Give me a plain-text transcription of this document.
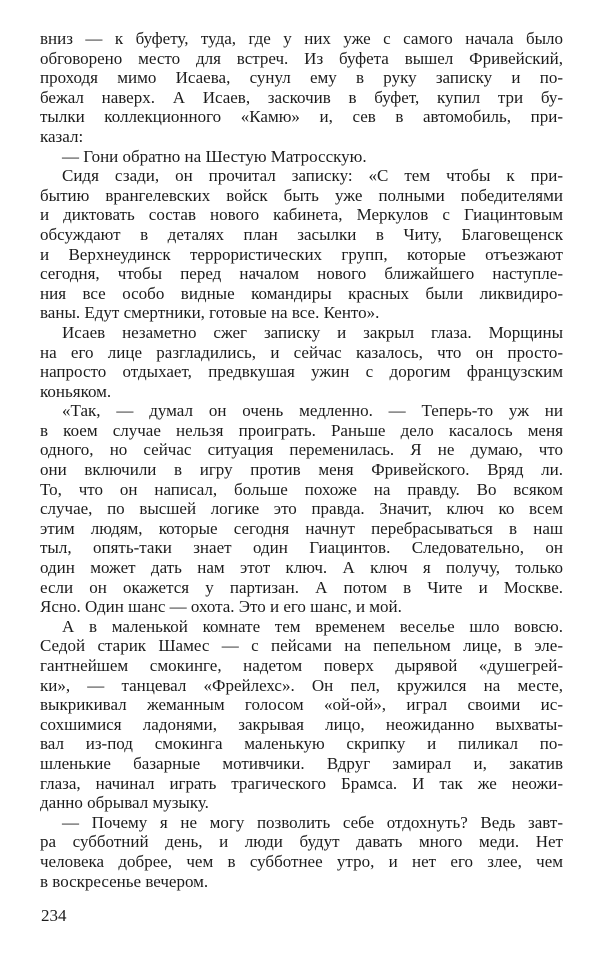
вниз — к буфету, туда, где у них уже с самого начала было
обговорено место для встреч. Из буфета вышел Фривейский,
проходя мимо Исаева, сунул ему в руку записку и по-
бежал наверх. А Исаев, заскочив в буфет, купил три бу-
тылки коллекционного «Камю» и, сев в автомобиль, при-
казал:
— Гони обратно на Шестую Матросскую.
Сидя сзади, он прочитал записку: «С тем чтобы к при-
бытию врангелевских войск быть уже полными победителями
и диктовать состав нового кабинета, Меркулов с Гиацинтовым
обсуждают в деталях план засылки в Читу, Благовещенск
и Верхнеудинск террористических групп, которые отъезжают
сегодня, чтобы перед началом нового ближайшего наступле-
ния все особо видные командиры красных были ликвидиро-
ваны. Едут смертники, готовые на все. Кенто».
Исаев незаметно сжег записку и закрыл глаза. Морщины
на его лице разгладились, и сейчас казалось, что он просто-
напросто отдыхает, предвкушая ужин с дорогим французским
коньяком.
«Так, — думал он очень медленно. — Теперь-то уж ни
в коем случае нельзя проиграть. Раньше дело касалось меня
одного, но сейчас ситуация переменилась. Я не думаю, что
они включили в игру против меня Фривейского. Вряд ли.
То, что он написал, больше похоже на правду. Во всяком
случае, по высшей логике это правда. Значит, ключ ко всем
этим людям, которые сегодня начнут перебрасываться в наш
тыл, опять-таки знает один Гиацинтов. Следовательно, он
один может дать нам этот ключ. А ключ я получу, только
если он окажется у партизан. А потом в Чите и Москве.
Ясно. Один шанс — охота. Это и его шанс, и мой.
А в маленькой комнате тем временем веселье шло вовсю.
Седой старик Шамес — с пейсами на пепельном лице, в эле-
гантнейшем смокинге, надетом поверх дырявой «душегрей-
ки», — танцевал «Фрейлехс». Он пел, кружился на месте,
выкрикивал жеманным голосом «ой-ой», играл своими ис-
сохшимися ладонями, закрывая лицо, неожиданно выхваты-
вал из-под смокинга маленькую скрипку и пиликал по-
шленькие базарные мотивчики. Вдруг замирал и, закатив
глаза, начинал играть трагического Брамса. И так же неожи-
данно обрывал музыку.
— Почему я не могу позволить себе отдохнуть? Ведь завт-
ра субботний день, и люди будут давать много меди. Нет
человека добрее, чем в субботнее утро, и нет его злее, чем
в воскресенье вечером.
234
